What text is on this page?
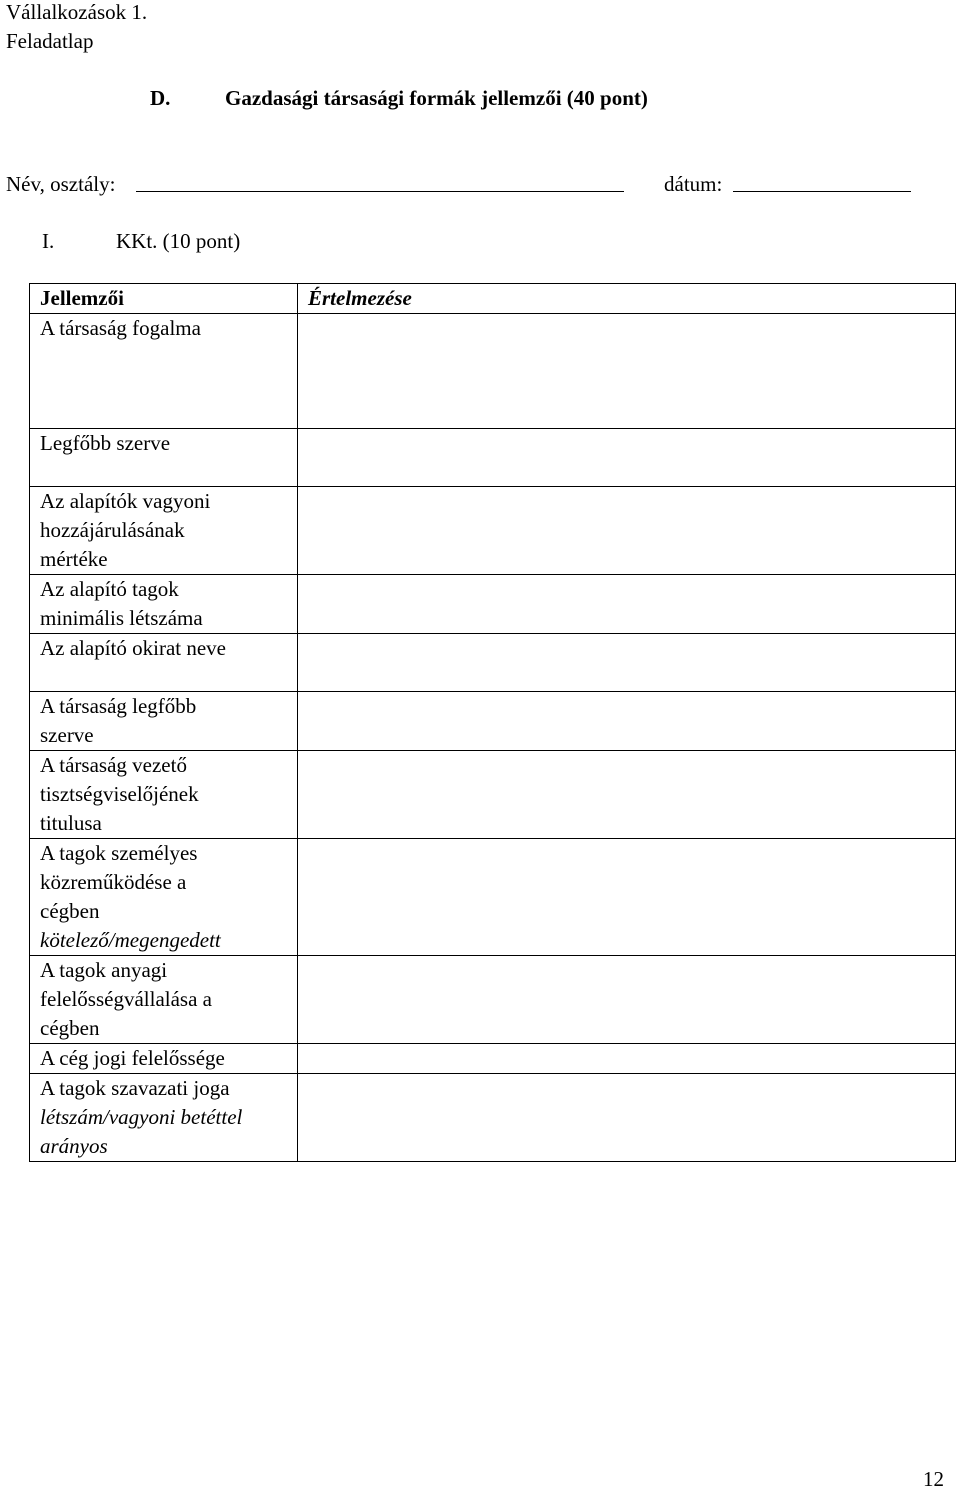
Vállalkozások 1.
Feladatlap
D.	Gazdasági társasági formák jellemzői (40 pont)
Név, osztály:	dátum:
I.	KKt. (10 pont)
Jellemzői	Értelmezése

A társaság fogalma	

Legfőbb szerve	

Az alapítók vagyoni
hozzájárulásának
mértéke	

Az alapító tagok
minimális létszáma	

Az alapító okirat neve	

A társaság legfőbb
szerve	

A társaság vezető
tisztségviselőjének
titulusa	

A tagok személyes
közreműködése a
cégben
kötelező/megengedett	

A tagok anyagi
felelősségvállalása a
cégben	

A cég jogi felelőssége	

A tagok szavazati joga
létszám/vagyoni betéttel
arányos	

12
